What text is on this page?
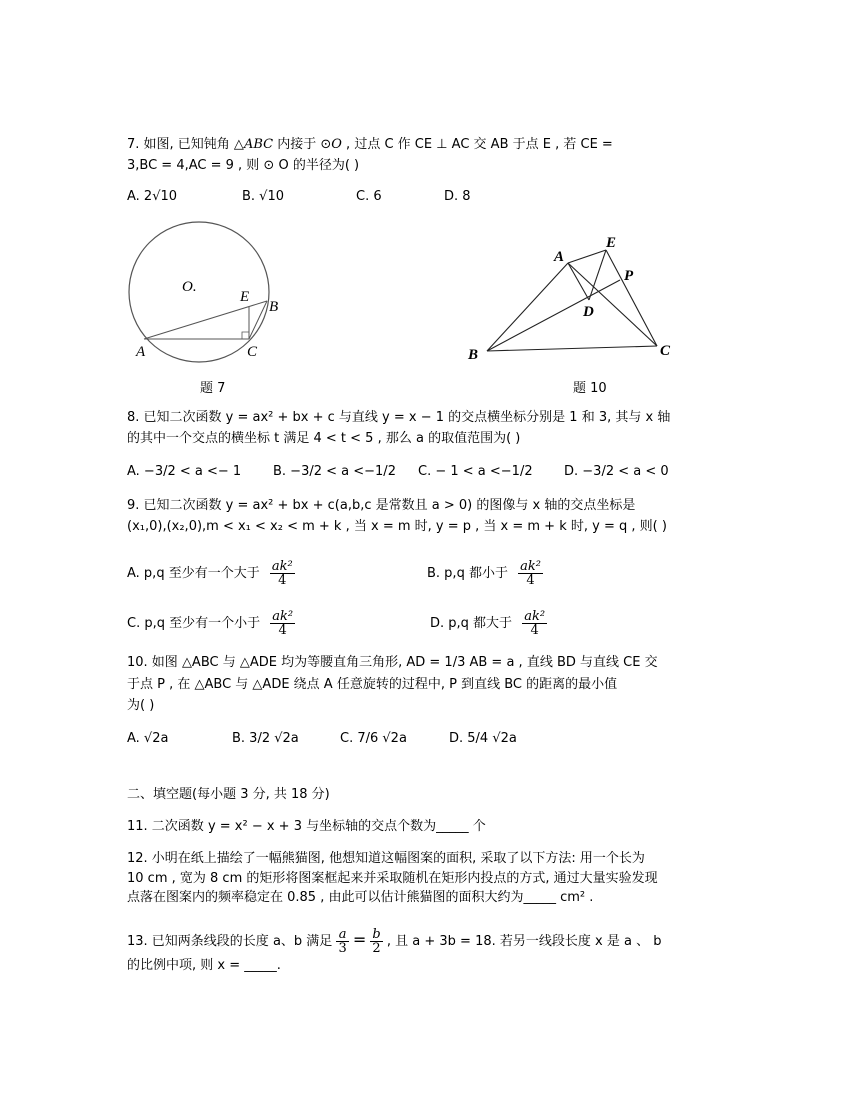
7. 如图, 已知钝角 △ABC 内接于 ⊙O , 过点 C 作 CE ⊥ AC 交 AB 于点 E , 若 CE =
3,BC = 4,AC = 9 , 则 ⊙ O 的半径为( )
A. 2√10	B. √10	C. 6	D. 8
O.
E
B
A	C
A
E
P
D
B	C
题 7	题 10
8. 已知二次函数 y = ax² + bx + c 与直线 y = x − 1 的交点横坐标分别是 1 和 3, 其与 x 轴
的其中一个交点的横坐标 t 满足 4 < t < 5 , 那么 a 的取值范围为( )
A. −3/2 < a <− 1 B. −3/2 < a <−1/2 C. − 1 < a <−1/2 D. −3/2 < a < 0
9. 已知二次函数 y = ax² + bx + c(a,b,c 是常数且 a > 0) 的图像与 x 轴的交点坐标是
(x₁,0),(x₂,0),m < x₁ < x₂ < m + k , 当 x = m 时, y = p , 当 x = m + k 时, y = q , 则( )
A. p,q 至少有一个大于 $\frac{\text{ak²}}{4}$	B. p,q 都小于 $\frac{\text{ak²}}{4}$
C. p,q 至少有一个小于 $\frac{\text{ak²}}{4}$	D. p,q 都大于 $\frac{\text{ak²}}{4}$
10. 如图 △ABC 与 △ADE 均为等腰直角三角形, AD = 1/3 AB = a , 直线 BD 与直线 CE 交
于点 P , 在 △ABC 与 △ADE 绕点 A 任意旋转的过程中, P 到直线 BC 的距离的最小值
为( )
A. √2a	B. 3/2 √2a	C. 7/6 √2a	D. 5/4 √2a
二、填空题(每小题 3 分, 共 18 分)
11. 二次函数 y = x² − x + 3 与坐标轴的交点个数为_____ 个
12. 小明在纸上描绘了一幅熊猫图, 他想知道这幅图案的面积, 采取了以下方法: 用一个长为
10 cm , 宽为 8 cm 的矩形将图案框起来并采取随机在矩形内投点的方式, 通过大量实验发现
点落在图案内的频率稳定在 0.85 , 由此可以估计熊猫图的面积大约为_____ cm² .
13. 已知两条线段的长度 a、b 满足 $\frac{a}{3} = \frac{b}{2}$ , 且 a + 3b = 18. 若另一线段长度 x 是 a 、 b
的比例中项, 则 x = _____.
